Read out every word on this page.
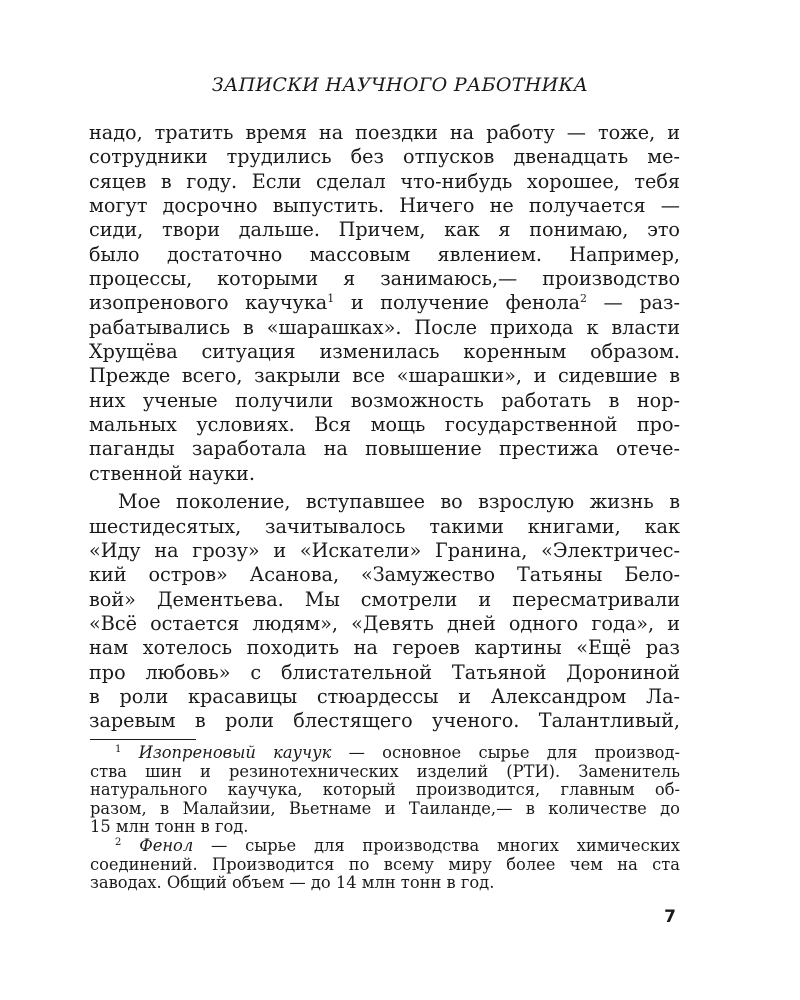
ЗАПИСКИ НАУЧНОГО РАБОТНИКА
надо, тратить время на поездки на работу — тоже, и
сотрудники трудились без отпусков двенадцать ме-
сяцев в году. Если сделал что-нибудь хорошее, тебя
могут досрочно выпустить. Ничего не получается —
сиди, твори дальше. Причем, как я понимаю, это
было достаточно массовым явлением. Например,
процессы, которыми я занимаюсь,— производство
изопренового каучука$^1$ и получение фенола$^2$ — раз-
рабатывались в «шарашках». После прихода к власти
Хрущёва ситуация изменилась коренным образом.
Прежде всего, закрыли все «шарашки», и сидевшие в
них ученые получили возможность работать в нор-
мальных условиях. Вся мощь государственной про-
паганды заработала на повышение престижа отече-
ственной науки.
Мое поколение, вступавшее во взрослую жизнь в
шестидесятых, зачитывалось такими книгами, как
«Иду на грозу» и «Искатели» Гранина, «Электричес-
кий остров» Асанова, «Замужество Татьяны Бело-
вой» Дементьева. Мы смотрели и пересматривали
«Всё остается людям», «Девять дней одного года», и
нам хотелось походить на героев картины «Ещё раз
про любовь» с блистательной Татьяной Дорониной
в роли красавицы стюардессы и Александром Ла-
заревым в роли блестящего ученого. Талантливый,
$^1$ Изопреновый каучук — основное сырье для производ-
ства шин и резинотехнических изделий (РТИ). Заменитель
натурального каучука, который производится, главным об-
разом, в Малайзии, Вьетнаме и Таиланде,— в количестве до
15 млн тонн в год.
$^2$ Фенол — сырье для производства многих химических
соединений. Производится по всему миру более чем на ста
заводах. Общий объем — до 14 млн тонн в год.
7
